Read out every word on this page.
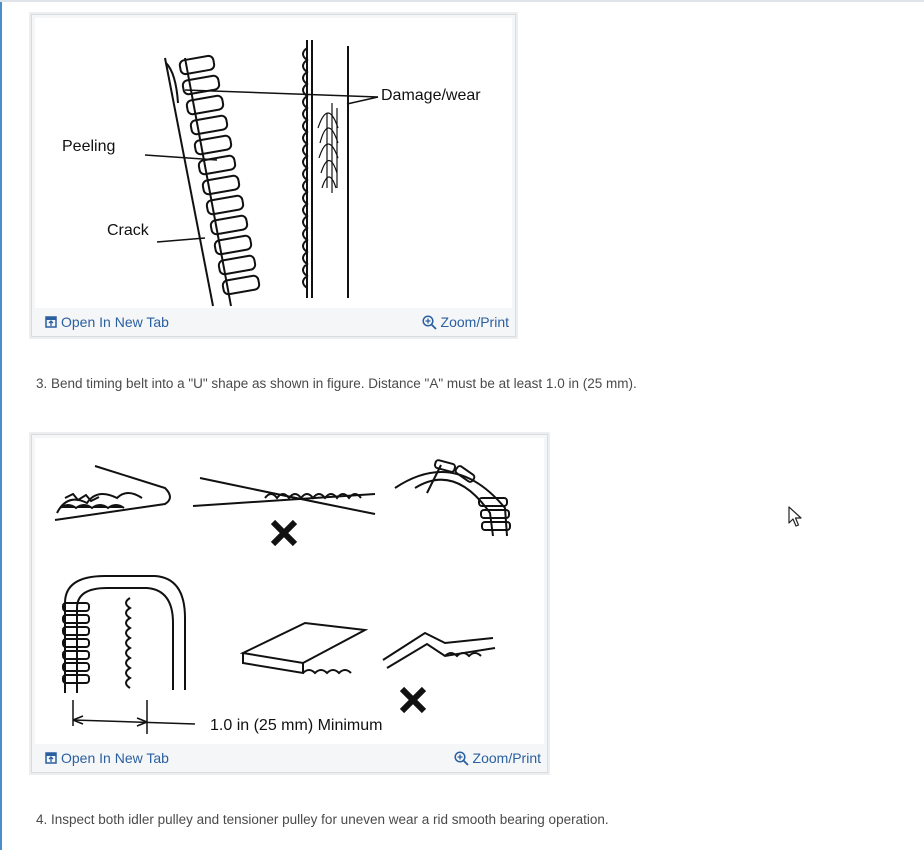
Damage/wear
Peeling
Crack
Open In New Tab	Zoom/Print
3. Bend timing belt into a "U" shape as shown in figure. Distance "A" must be at least 1.0 in (25 mm).
1.0 in (25 mm) Minimum
Open In New Tab	Zoom/Print
4. Inspect both idler pulley and tensioner pulley for uneven wear a rid smooth bearing operation.
